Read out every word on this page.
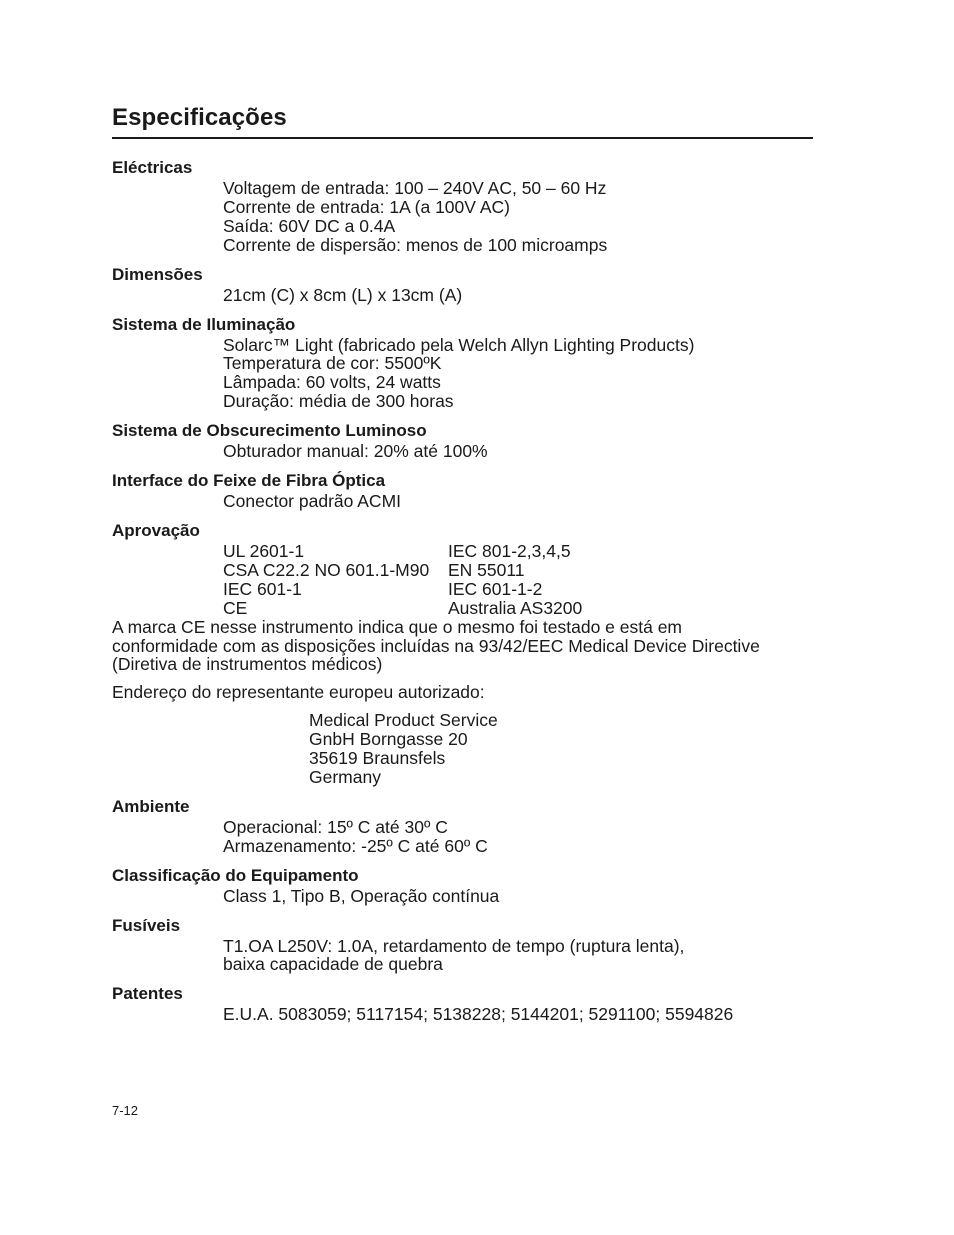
Especificações
Eléctricas
Voltagem de entrada: 100 – 240V AC, 50 – 60 Hz
Corrente de entrada: 1A (a 100V AC)
Saída: 60V DC a 0.4A
Corrente de dispersão: menos de 100 microamps
Dimensões
21cm (C) x 8cm (L) x 13cm (A)
Sistema de Iluminação
Solarc™ Light (fabricado pela Welch Allyn Lighting Products)
Temperatura de cor: 5500ºK
Lâmpada: 60 volts, 24 watts
Duração: média de 300 horas
Sistema de Obscurecimento Luminoso
Obturador manual: 20% até 100%
Interface do Feixe de Fibra Óptica
Conector padrão ACMI
Aprovação
UL 2601-1	IEC 801-2,3,4,5
CSA C22.2 NO 601.1-M90	EN 55011
IEC 601-1	IEC 601-1-2
CE	Australia AS3200
A marca CE nesse instrumento indica que o mesmo foi testado e está em
conformidade com as disposições incluídas na 93/42/EEC Medical Device Directive
(Diretiva de instrumentos médicos)
Endereço do representante europeu autorizado:
Medical Product Service
GnbH Borngasse 20
35619 Braunsfels
Germany
Ambiente
Operacional: 15º C até 30º C
Armazenamento: -25º C até 60º C
Classificação do Equipamento
Class 1, Tipo B, Operação contínua
Fusíveis
T1.OA L250V: 1.0A, retardamento de tempo (ruptura lenta),
baixa capacidade de quebra
Patentes
E.U.A. 5083059; 5117154; 5138228; 5144201; 5291100; 5594826
7-12
